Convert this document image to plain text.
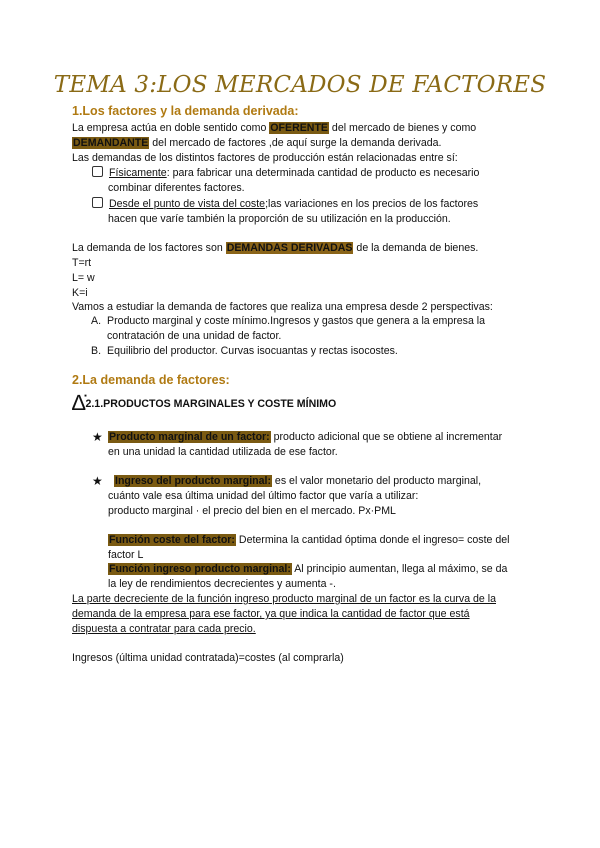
TEMA 3:LOS MERCADOS DE FACTORES
1.Los factores y la demanda derivada:
La empresa actúa en doble sentido como OFERENTE del mercado de bienes y como
DEMANDANTE del mercado de factores ,de aquí surge la demanda derivada.
Las demandas de los distintos factores de producción están relacionadas entre sí:
Físicamente: para fabricar una determinada cantidad de producto es necesario
combinar diferentes factores.
Desde el punto de vista del coste;las variaciones en los precios de los factores
hacen que varíe también la proporción de su utilización en la producción.
La demanda de los factores son DEMANDAS DERIVADAS de la demanda de bienes.
T=rt
L= w
K=i
Vamos a estudiar la demanda de factores que realiza una empresa desde 2 perspectivas:
A. Producto marginal y coste mínimo.Ingresos y gastos que genera a la empresa la
contratación de una unidad de factor.
B. Equilibrio del productor. Curvas isocuantas y rectas isocostes.
2.La demanda de factores:
∆̇2.1.PRODUCTOS MARGINALES Y COSTE MÍNIMO
★ Producto marginal de un factor: producto adicional que se obtiene al incrementar
en una unidad la cantidad utilizada de ese factor.
★	Ingreso del producto marginal: es el valor monetario del producto marginal,
cuánto vale esa última unidad del último factor que varía a utilizar:
producto marginal · el precio del bien en el mercado. Px·PML
Función coste del factor: Determina la cantidad óptima donde el ingreso= coste del
factor L
Función ingreso producto marginal: Al principio aumentan, llega al máximo, se da
la ley de rendimientos decrecientes y aumenta -.
La parte decreciente de la función ingreso producto marginal de un factor es la curva de la
demanda de la empresa para ese factor, ya que indica la cantidad de factor que está
dispuesta a contratar para cada precio.
Ingresos (última unidad contratada)=costes (al comprarla)
